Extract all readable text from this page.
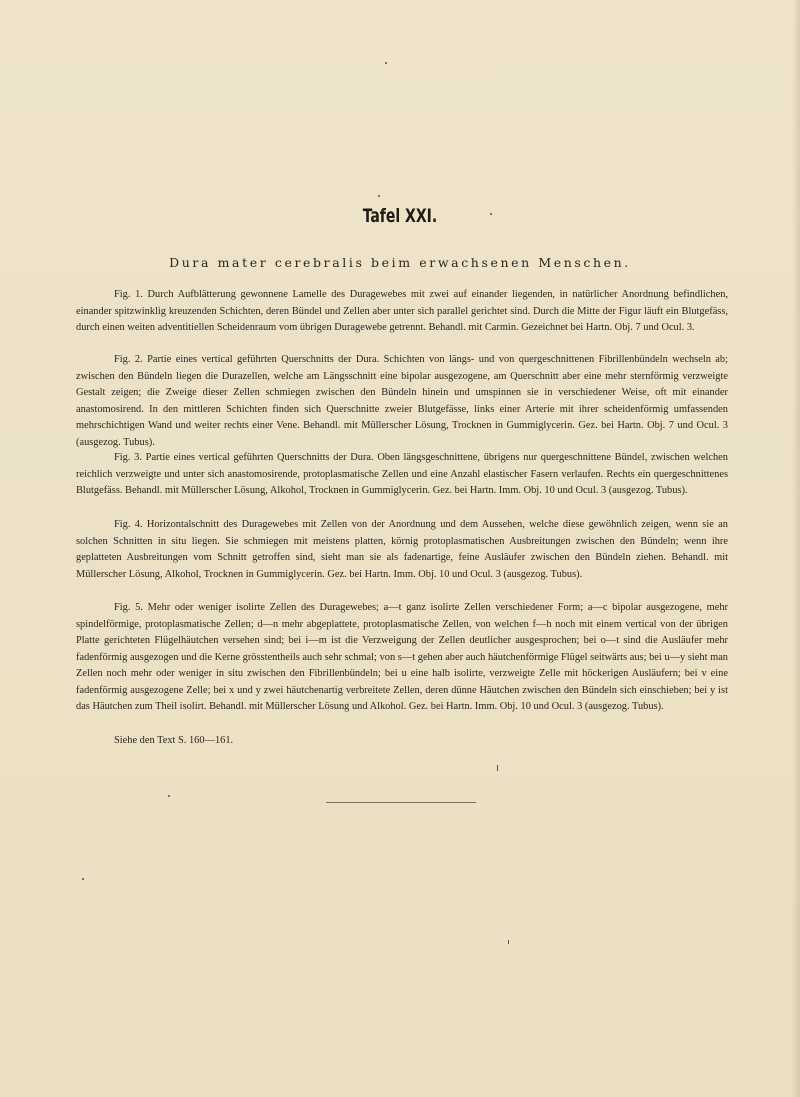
Tafel XXI.
Dura mater cerebralis beim erwachsenen Menschen.

Fig. 1. Durch Aufblätterung gewonnene Lamelle des Duragewebes mit zwei auf einander liegenden, in natürlicher Anordnung befindlichen, einander spitzwinklig kreuzenden Schichten, deren Bündel und Zellen aber unter sich parallel gerichtet sind. Durch die Mitte der Figur läuft ein Blutgefäss, durch einen weiten adventitiellen Scheidenraum vom übrigen Duragewebe getrennt. Behandl. mit Carmin. Gezeichnet bei Hartn. Obj. 7 und Ocul. 3.

Fig. 2. Partie eines vertical geführten Querschnitts der Dura. Schichten von längs- und von quergeschnittenen Fibrillenbündeln wechseln ab; zwischen den Bündeln liegen die Durazellen, welche am Längsschnitt eine bipolar ausgezogene, am Querschnitt aber eine mehr sternförmig verzweigte Gestalt zeigen; die Zweige dieser Zellen schmiegen zwischen den Bündeln hinein und umspinnen sie in verschiedener Weise, oft mit einander anastomosirend. In den mittleren Schichten finden sich Querschnitte zweier Blutgefässe, links einer Arterie mit ihrer scheidenförmig umfassenden mehrschichtigen Wand und weiter rechts einer Vene. Behandl. mit Müllerscher Lösung, Trocknen in Gummiglycerin. Gez. bei Hartn. Obj. 7 und Ocul. 3 (ausgezog. Tubus).

Fig. 3. Partie eines vertical geführten Querschnitts der Dura. Oben längsgeschnittene, übrigens nur quergeschnittene Bündel, zwischen welchen reichlich verzweigte und unter sich anastomosirende, protoplasmatische Zellen und eine Anzahl elastischer Fasern verlaufen. Rechts ein quergeschnittenes Blutgefäss. Behandl. mit Müllerscher Lösung, Alkohol, Trocknen in Gummiglycerin. Gez. bei Hartn. Imm. Obj. 10 und Ocul. 3 (ausgezog. Tubus).

Fig. 4. Horizontalschnitt des Duragewebes mit Zellen von der Anordnung und dem Aussehen, welche diese gewöhnlich zeigen, wenn sie an solchen Schnitten in situ liegen. Sie schmiegen mit meistens platten, körnig protoplasmatischen Ausbreitungen zwischen den Bündeln; wenn ihre geplatteten Ausbreitungen vom Schnitt getroffen sind, sieht man sie als fadenartige, feine Ausläufer zwischen den Bündeln ziehen. Behandl. mit Müllerscher Lösung, Alkohol, Trocknen in Gummiglycerin. Gez. bei Hartn. Imm. Obj. 10 und Ocul. 3 (ausgezog. Tubus).

Fig. 5. Mehr oder weniger isolirte Zellen des Duragewebes; a—t ganz isolirte Zellen verschiedener Form; a—c bipolar ausgezogene, mehr spindelförmige, protoplasmatische Zellen; d—n mehr abgeplattete, protoplasmatische Zellen, von welchen f—h noch mit einem vertical von der übrigen Platte gerichteten Flügelhäutchen versehen sind; bei i—m ist die Verzweigung der Zellen deutlicher ausgesprochen; bei o—t sind die Ausläufer mehr fadenförmig ausgezogen und die Kerne grösstentheils auch sehr schmal; von s—t gehen aber auch häutchenförmige Flügel seitwärts aus; bei u—y sieht man Zellen noch mehr oder weniger in situ zwischen den Fibrillenbündeln; bei u eine halb isolirte, verzweigte Zelle mit höckerigen Ausläufern; bei v eine fadenförmig ausgezogene Zelle; bei x und y zwei häutchenartig verbreitete Zellen, deren dünne Häutchen zwischen den Bündeln sich einschieben; bei y ist das Häutchen zum Theil isolirt. Behandl. mit Müllerscher Lösung und Alkohol. Gez. bei Hartn. Imm. Obj. 10 und Ocul. 3 (ausgezog. Tubus).

Siehe den Text S. 160—161.
